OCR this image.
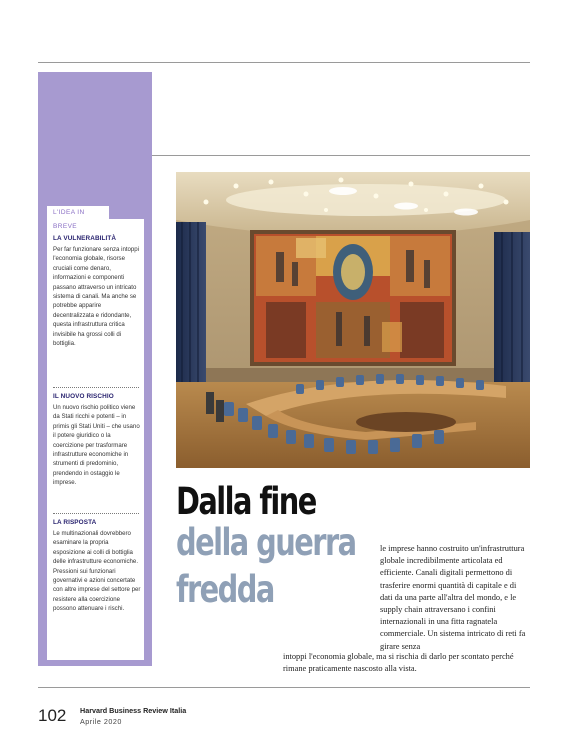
L'IDEA IN BREVE
LA VULNERABILITÀ

Per far funzionare senza intoppi l'economia globale, risorse cruciali come denaro, informazioni e componenti passano attraverso un intricato sistema di canali. Ma anche se potrebbe apparire decentralizzata e ridondante, questa infrastruttura critica invisibile ha grossi colli di bottiglia.

IL NUOVO RISCHIO

Un nuovo rischio politico viene da Stati ricchi e potenti – in primis gli Stati Uniti – che usano il potere giuridico o la coercizione per trasformare infrastrutture economiche in strumenti di predominio, prendendo in ostaggio le imprese.

LA RISPOSTA

Le multinazionali dovrebbero esaminare la propria esposizione ai colli di bottiglia delle infrastrutture economiche. Pressioni sui funzionari governativi e azioni concertate con altre imprese del settore per resistere alla coercizione possono attenuare i rischi.

Dalla fine
della guerra
fredda
le imprese hanno costruito un'infrastruttura globale incredibilmente articolata ed efficiente. Canali digitali permettono di trasferire enormi quantità di capitale e di dati da una parte all'altra del mondo, e le supply chain attraversano i confini internazionali in una fitta ragnatela commerciale. Un sistema intricato di reti fa girare senza
intoppi l'economia globale, ma si rischia di darlo per scontato perché rimane praticamente nascosto alla vista.
102 Harvard Business Review Italia
Aprile 2020
